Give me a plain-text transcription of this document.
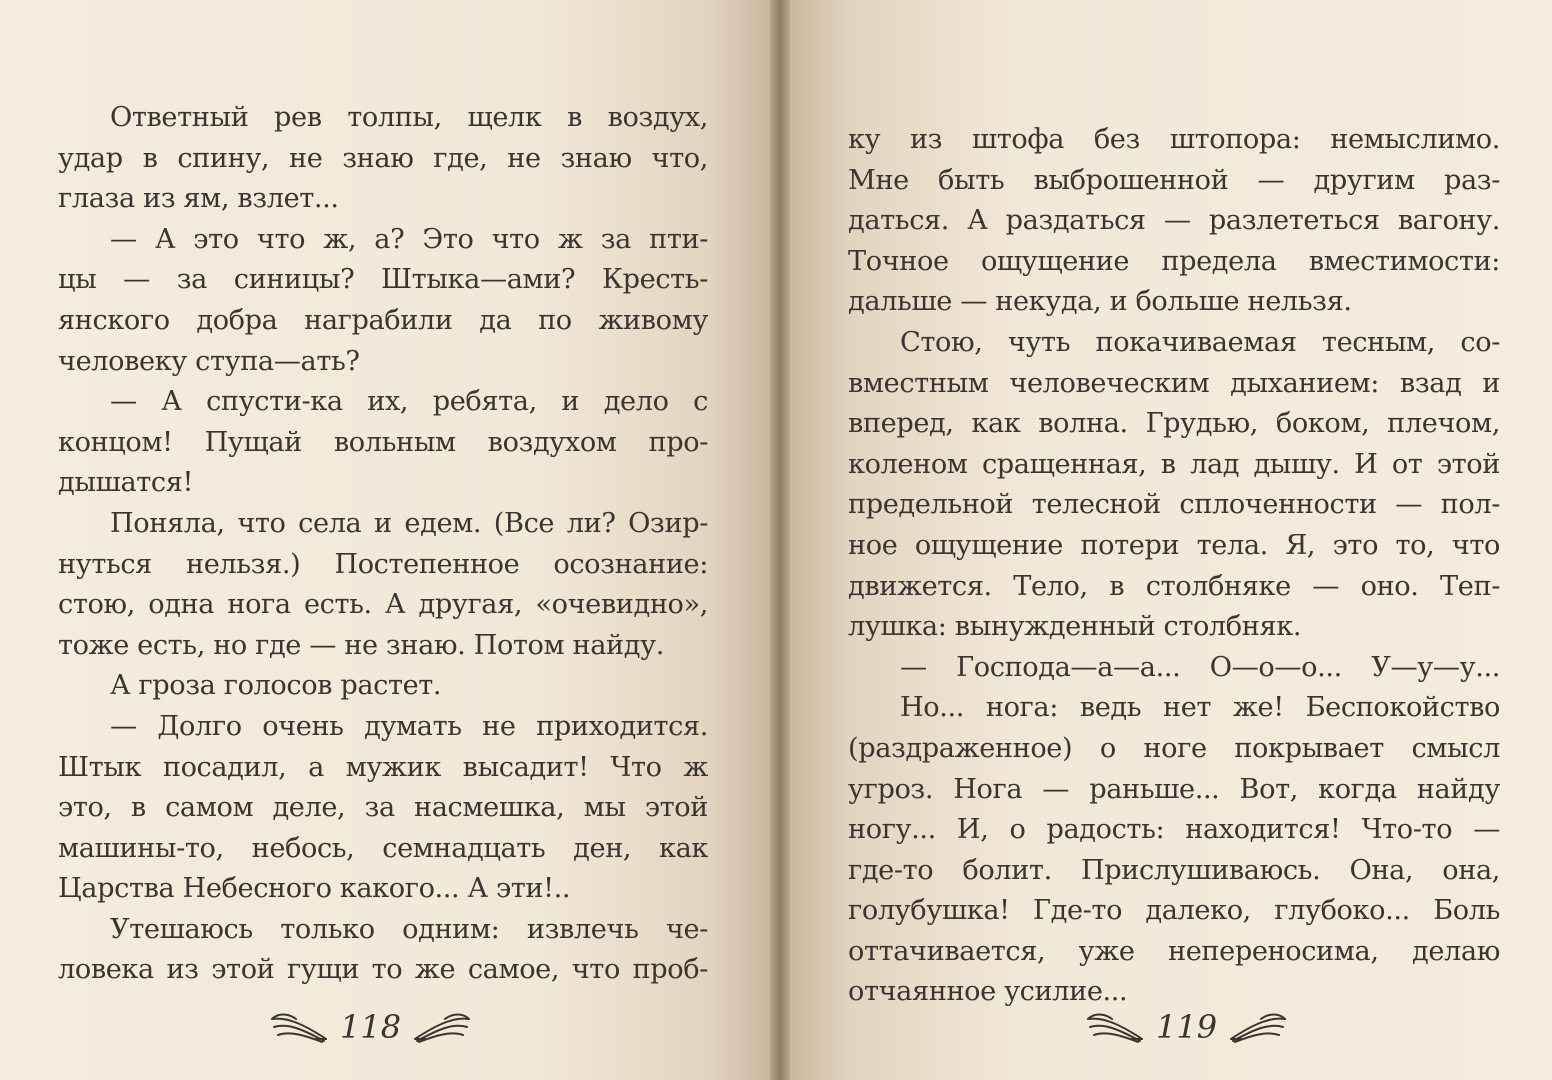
Ответный рев толпы, щелк в воздух,
удар в спину, не знаю где, не знаю что,
глаза из ям, взлет...
— А это что ж, а? Это что ж за пти-
цы — за синицы? Штыка—ами? Кресть-
янского добра награбили да по живому
человеку ступа—ать?
— А спусти-ка их, ребята, и дело с
концом! Пущай вольным воздухом про-
дышатся!
Поняла, что села и едем. (Все ли? Озир-
нуться нельзя.) Постепенное осознание:
стою, одна нога есть. А другая, «очевидно»,
тоже есть, но где — не знаю. Потом найду.
А гроза голосов растет.
— Долго очень думать не приходится.
Штык посадил, а мужик высадит! Что ж
это, в самом деле, за насмешка, мы этой
машины-то, небось, семнадцать ден, как
Царства Небесного какого... А эти!..
Утешаюсь только одним: извлечь че-
ловека из этой гущи то же самое, что проб-
118
ку из штофа без штопора: немыслимо.
Мне быть выброшенной — другим раз-
даться. А раздаться — разлететься вагону.
Точное ощущение предела вместимости:
дальше — некуда, и больше нельзя.
Стою, чуть покачиваемая тесным, со-
вместным человеческим дыханием: взад и
вперед, как волна. Грудью, боком, плечом,
коленом сращенная, в лад дышу. И от этой
предельной телесной сплоченности — пол-
ное ощущение потери тела. Я, это то, что
движется. Тело, в столбняке — оно. Теп-
лушка: вынужденный столбняк.
— Господа—а—а... О—о—о... У—у—у...
Но... нога: ведь нет же! Беспокойство
(раздраженное) о ноге покрывает смысл
угроз. Нога — раньше... Вот, когда найду
ногу... И, о радость: находится! Что-то —
где-то болит. Прислушиваюсь. Она, она,
голубушка! Где-то далеко, глубоко... Боль
оттачивается, уже непереносима, делаю
отчаянное усилие...
119
